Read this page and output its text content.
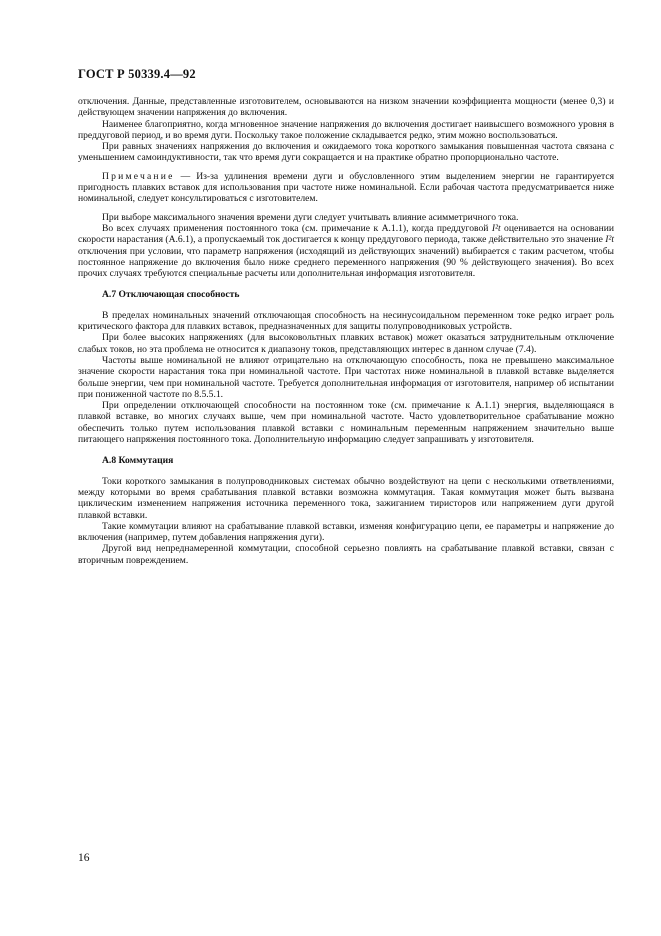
ГОСТ Р 50339.4—92

отключения. Данные, представленные изготовителем, основываются на низком значении коэффициента мощности (менее 0,3) и действующем значении напряжения до включения.

Наименее благоприятно, когда мгновенное значение напряжения до включения достигает наивысшего возможного уровня в преддуговой период, и во время дуги. Поскольку такое положение складывается редко, этим можно воспользоваться.

При равных значениях напряжения до включения и ожидаемого тока короткого замыкания повышенная частота связана с уменьшением самоиндуктивности, так что время дуги сокращается и на практике обратно пропорционально частоте.

Примечание — Из-за удлинения времени дуги и обусловленного этим выделением энергии не гарантируется пригодность плавких вставок для использования при частоте ниже номинальной. Если рабочая частота предусматривается ниже номинальной, следует консультироваться с изготовителем.

При выборе максимального значения времени дуги следует учитывать влияние асимметричного тока.

Во всех случаях применения постоянного тока (см. примечание к А.1.1), когда преддуговой I²t оценивается на основании скорости нарастания (А.6.1), а пропускаемый ток достигается к концу преддугового периода, также действительно это значение I²t отключения при условии, что параметр напряжения (исходящий из действующих значений) выбирается с таким расчетом, чтобы постоянное напряжение до включения было ниже среднего переменного напряжения (90 % действующего значения). Во всех прочих случаях требуются специальные расчеты или дополнительная информация изготовителя.

А.7 Отключающая способность

В пределах номинальных значений отключающая способность на несинусоидальном переменном токе редко играет роль критического фактора для плавких вставок, предназначенных для защиты полупроводниковых устройств.

При более высоких напряжениях (для высоковольтных плавких вставок) может оказаться затруднительным отключение слабых токов, но эта проблема не относится к диапазону токов, представляющих интерес в данном случае (7.4).

Частоты выше номинальной не влияют отрицательно на отключающую способность, пока не превышено максимальное значение скорости нарастания тока при номинальной частоте. При частотах ниже номинальной в плавкой вставке выделяется больше энергии, чем при номинальной частоте. Требуется дополнительная информация от изготовителя, например об испытании при пониженной частоте по 8.5.5.1.

При определении отключающей способности на постоянном токе (см. примечание к А.1.1) энергия, выделяющаяся в плавкой вставке, во многих случаях выше, чем при номинальной частоте. Часто удовлетворительное срабатывание можно обеспечить только путем использования плавкой вставки с номинальным переменным напряжением значительно выше питающего напряжения постоянного тока. Дополнительную информацию следует запрашивать у изготовителя.

А.8 Коммутация

Токи короткого замыкания в полупроводниковых системах обычно воздействуют на цепи с несколькими ответвлениями, между которыми во время срабатывания плавкой вставки возможна коммутация. Такая коммутация может быть вызвана циклическим изменением напряжения источника переменного тока, зажиганием тиристоров или напряжением дуги другой плавкой вставки.

Такие коммутации влияют на срабатывание плавкой вставки, изменяя конфигурацию цепи, ее параметры и напряжение до включения (например, путем добавления напряжения дуги).

Другой вид непреднамеренной коммутации, способной серьезно повлиять на срабатывание плавкой вставки, связан с вторичным повреждением.

16
